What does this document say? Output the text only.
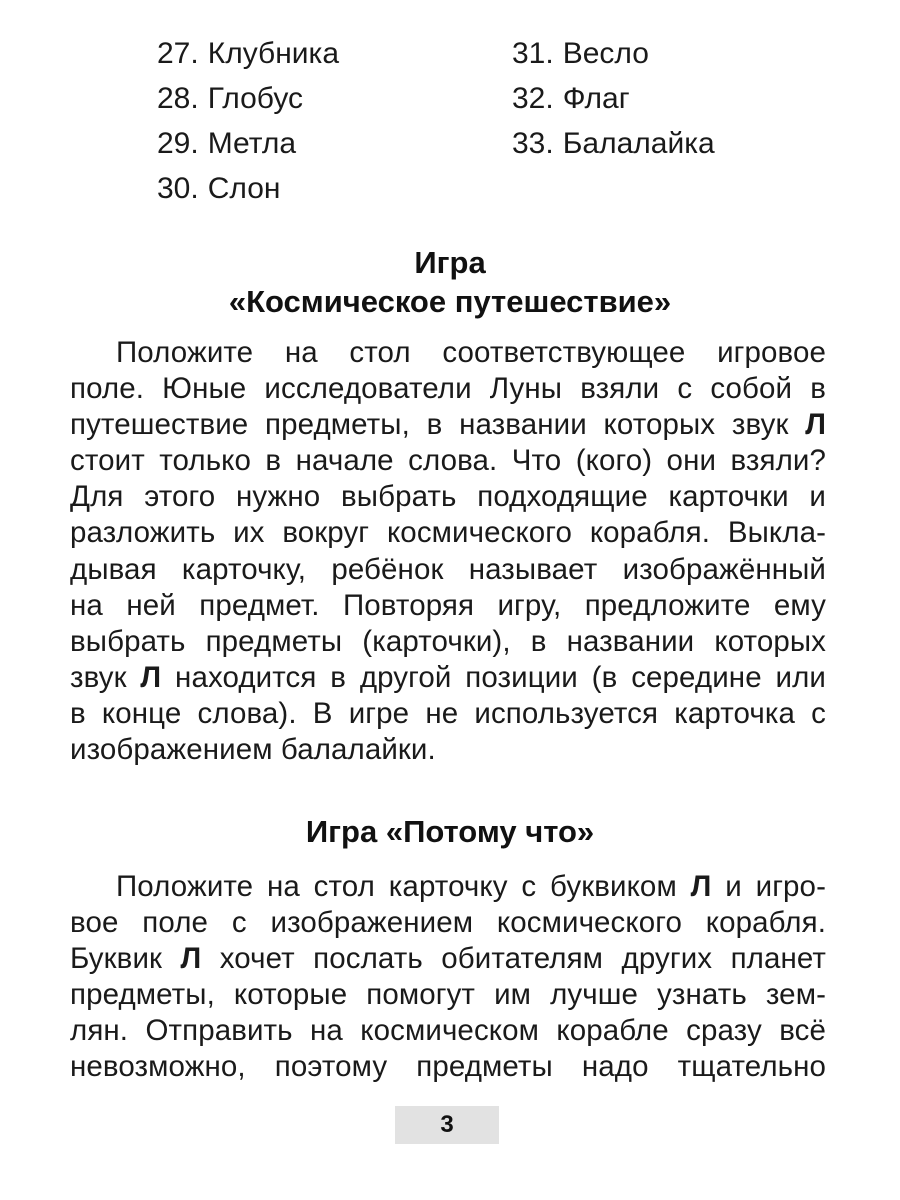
27. Клубника
28. Глобус
29. Метла
30. Слон
31. Весло
32. Флаг
33. Балалайка
Игра
«Космическое путешествие»
Положите на стол соответствующее игровое
поле. Юные исследователи Луны взяли с собой в
путешествие предметы, в названии которых звук Л
стоит только в начале слова. Что (кого) они взяли?
Для этого нужно выбрать подходящие карточки и
разложить их вокруг космического корабля. Выкла-
дывая карточку, ребёнок называет изображённый
на ней предмет. Повторяя игру, предложите ему
выбрать предметы (карточки), в названии которых
звук Л находится в другой позиции (в середине или
в конце слова). В игре не используется карточка с
изображением балалайки.
Игра «Потому что»
Положите на стол карточку с буквиком Л и игро-
вое поле с изображением космического корабля.
Буквик Л хочет послать обитателям других планет
предметы, которые помогут им лучше узнать зем-
лян. Отправить на космическом корабле сразу всё
невозможно, поэтому предметы надо тщательно
3
